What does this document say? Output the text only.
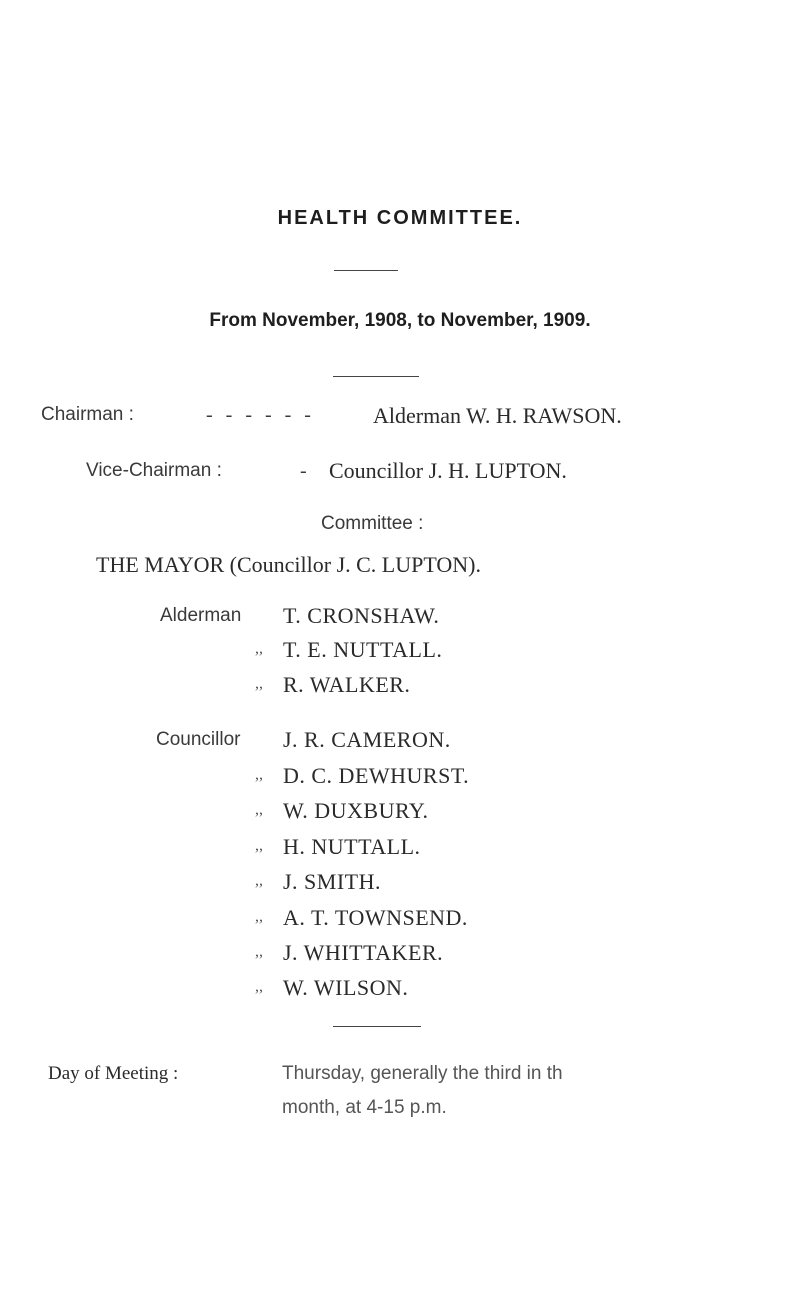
HEALTH COMMITTEE.
From November, 1908, to November, 1909.
Chairman :	- - - - - -	Alderman W. H. RAWSON.
Vice-Chairman :	- Councillor J. H. LUPTON.
Committee :
THE MAYOR (Councillor J. C. LUPTON).
Alderman T. CRONSHAW.
,, T. E. NUTTALL.
,, R. WALKER.
Councillor J. R. CAMERON.
,, D. C. DEWHURST.
,, W. DUXBURY.
,, H. NUTTALL.
,, J. SMITH.
,, A. T. TOWNSEND.
,, J. WHITTAKER.
,, W. WILSON.
Day of Meeting :	Thursday, generally the third in th
month, at 4-15 p.m.
